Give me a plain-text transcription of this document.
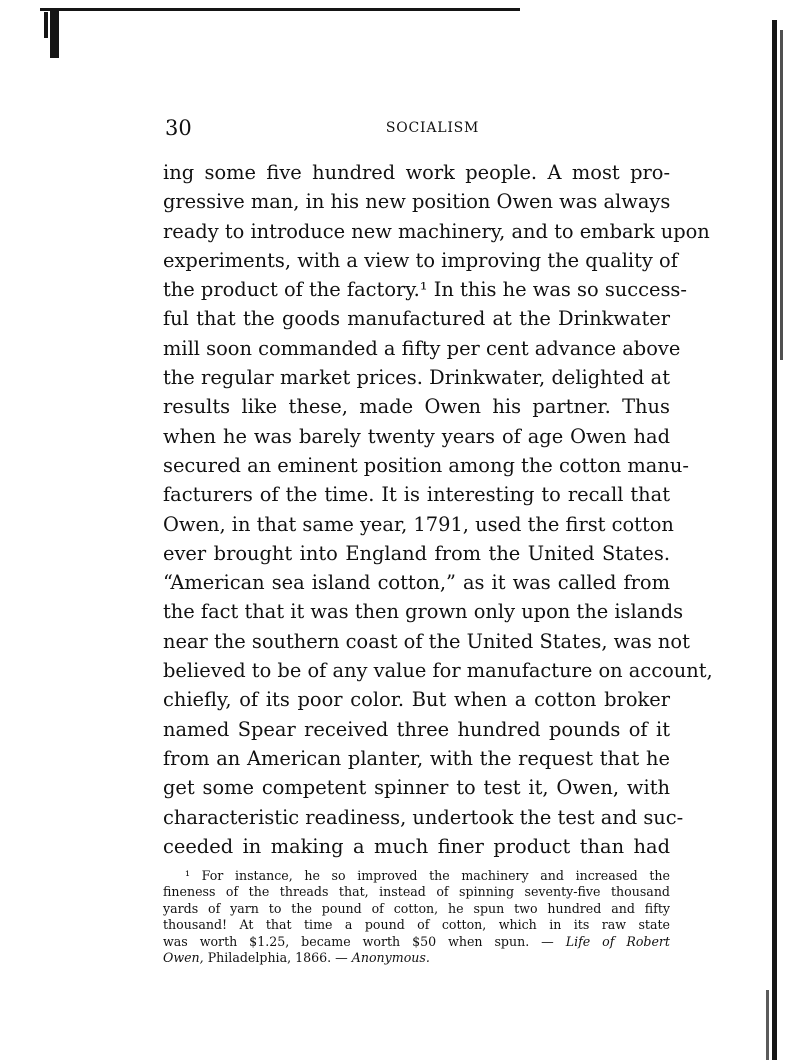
30	SOCIALISM
ing some five hundred work people. A most pro-
gressive man, in his new position Owen was always
ready to introduce new machinery, and to embark upon
experiments, with a view to improving the quality of
the product of the factory.¹ In this he was so success-
ful that the goods manufactured at the Drinkwater
mill soon commanded a fifty per cent advance above
the regular market prices. Drinkwater, delighted at
results like these, made Owen his partner. Thus
when he was barely twenty years of age Owen had
secured an eminent position among the cotton manu-
facturers of the time. It is interesting to recall that
Owen, in that same year, 1791, used the first cotton
ever brought into England from the United States.
“American sea island cotton,” as it was called from
the fact that it was then grown only upon the islands
near the southern coast of the United States, was not
believed to be of any value for manufacture on account,
chiefly, of its poor color. But when a cotton broker
named Spear received three hundred pounds of it
from an American planter, with the request that he
get some competent spinner to test it, Owen, with
characteristic readiness, undertook the test and suc-
ceeded in making a much finer product than had
¹ For instance, he so improved the machinery and increased the
fineness of the threads that, instead of spinning seventy-five thousand
yards of yarn to the pound of cotton, he spun two hundred and fifty
thousand! At that time a pound of cotton, which in its raw state
was worth $1.25, became worth $50 when spun. — Life of Robert
Owen, Philadelphia, 1866. — Anonymous.
